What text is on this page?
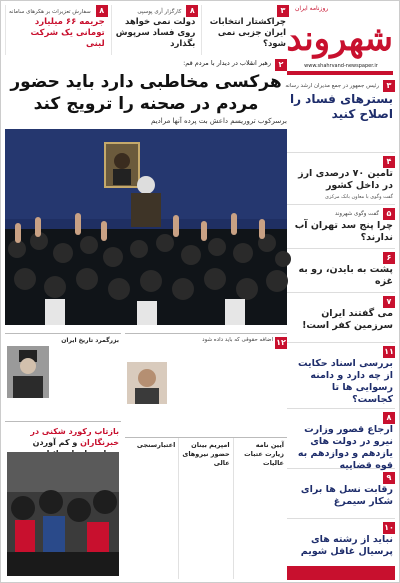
۳
چراکشتار انتخابات ایران جزبی نمی شود؟
۸
کارگزار آری پوسپی
دولت نمی خواهد روی فساد سرپوش بگذارد
۸
سفارش تعزیرات بر هکرهای سامانه
جریمه ۶۶ میلیارد تومانی یک شرکت لبنی
روزنامه ایران
شهروند
www.shahrvand-newspaper.ir
۲
رهبر انقلاب در دیدار با مردم قم:
هرکسی مخاطبی دارد باید حضور مردم در صحنه را ترویج کند
برسرکوب تروریسم داعش بت پرده آنها مرادیم
۳
رئیس جمهور در جمع مدیران ارشد رسانه
بسترهای فساد را اصلاح کنید
۴
تامین ۷۰ درصدی ارز در داخل کشور
گفت وگوی با معاون بانک مرکزی
۵
گفت وگوی شهروند
چرا پنج سد تهران آب ندارند؟
۶
پشت به بایدن، رو به غزه
۷
می گفتند ایران سرزمین کفر است!
۱۱
بررسی اسناد حکایت از چه دارد و دامنه رسوایی ها تا کجاست؟
۸
ارجاع قصور وزارت نیرو در دولت های یازدهم و دوازدهم به قوه قضاییه
۹
رقابت نسل ها برای شکار سیمرغ
۱۰
نباید از رشته های پرسیال غافل شویم
بزرگمرد تاریخ ایران	۱۲
اضافه حقوقی که باید داده شود
بازتاب رکورد شکنی در خبرنگاران و کم آوردن	آیین نامه زیارت عتبات عالیات
امپریم بینان حضور نیروهای عالی
اعتبارسنجی
